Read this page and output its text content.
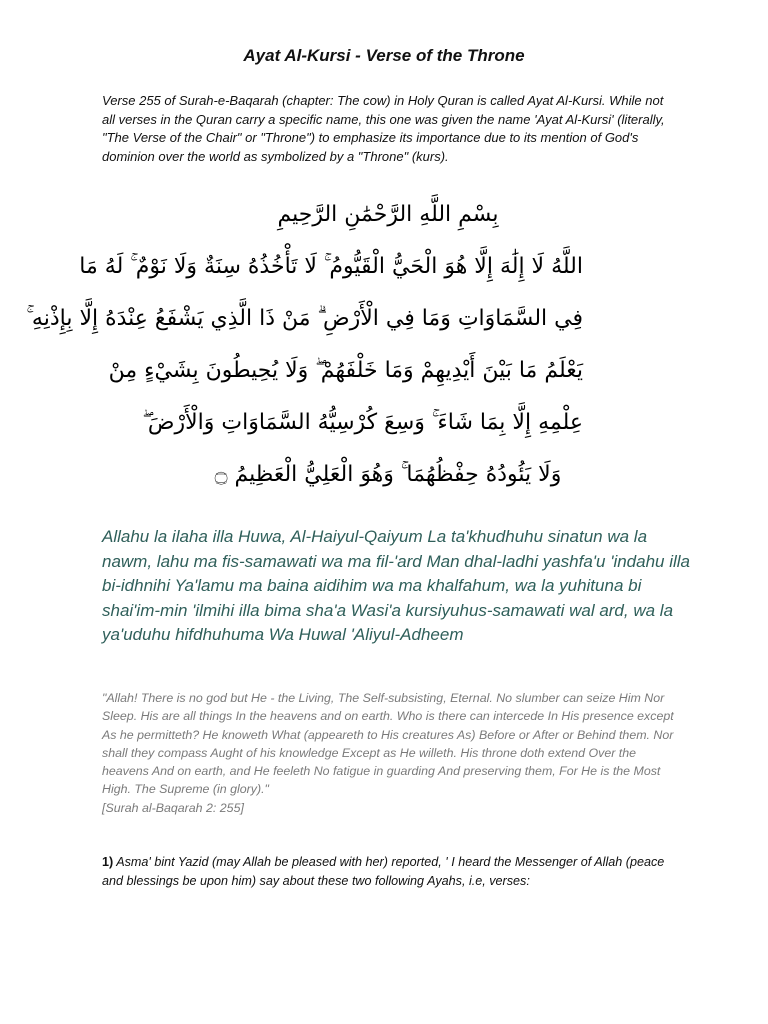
Ayat Al-Kursi - Verse of the Throne
Verse 255 of Surah-e-Baqarah (chapter: The cow) in Holy Quran is called Ayat Al-Kursi. While not all verses in the Quran carry a specific name, this one was given the name 'Ayat Al-Kursi' (literally, "The Verse of the Chair" or "Throne") to emphasize its importance due to its mention of God's dominion over the world as symbolized by a "Throne" (kurs).
بِسْمِ اللَّهِ الرَّحْمَٰنِ الرَّحِيمِ
اللَّهُ لَا إِلَٰهَ إِلَّا هُوَ الْحَيُّ الْقَيُّومُ ۚ لَا تَأْخُذُهُ سِنَةٌ وَلَا نَوْمٌ ۚ لَهُ مَا
فِي السَّمَاوَاتِ وَمَا فِي الْأَرْضِ ۗ مَنْ ذَا الَّذِي يَشْفَعُ عِنْدَهُ إِلَّا بِإِذْنِهِ ۚ
يَعْلَمُ مَا بَيْنَ أَيْدِيهِمْ وَمَا خَلْفَهُمْ ۖ وَلَا يُحِيطُونَ بِشَيْءٍ مِنْ
عِلْمِهِ إِلَّا بِمَا شَاءَ ۚ وَسِعَ كُرْسِيُّهُ السَّمَاوَاتِ وَالْأَرْضَ ۖ
وَلَا يَئُودُهُ حِفْظُهُمَا ۚ وَهُوَ الْعَلِيُّ الْعَظِيمُ ۝
Allahu la ilaha illa Huwa, Al-Haiyul-Qaiyum La ta'khudhuhu sinatun wa la nawm, lahu ma fis-samawati wa ma fil-'ard Man dhal-ladhi yashfa'u 'indahu illa bi-idhnihi Ya'lamu ma baina aidihim wa ma khalfahum, wa la yuhituna bi shai'im-min 'ilmihi illa bima sha'a Wasi'a kursiyuhus-samawati wal ard, wa la ya'uduhu hifdhuhuma Wa Huwal 'Aliyul-Adheem
"Allah! There is no god but He - the Living, The Self-subsisting, Eternal. No slumber can seize Him Nor Sleep. His are all things In the heavens and on earth. Who is there can intercede In His presence except As he permitteth? He knoweth What (appeareth to His creatures As) Before or After or Behind them. Nor shall they compass Aught of his knowledge Except as He willeth. His throne doth extend Over the heavens And on earth, and He feeleth No fatigue in guarding And preserving them, For He is the Most High. The Supreme (in glory)."
[Surah al-Baqarah 2: 255]
1) Asma' bint Yazid (may Allah be pleased with her) reported, ' I heard the Messenger of Allah (peace and blessings be upon him) say about these two following Ayahs, i.e, verses:
